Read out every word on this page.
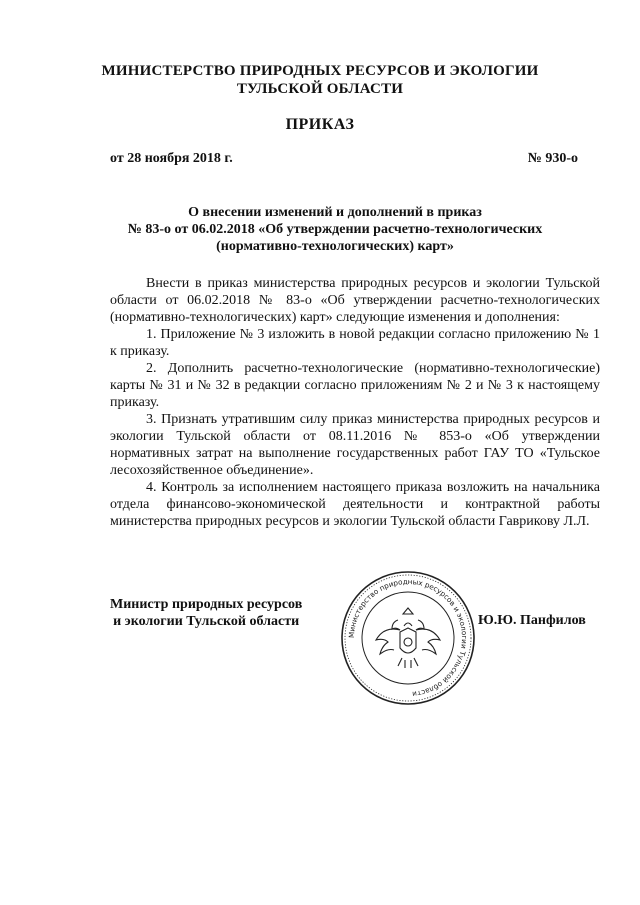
МИНИСТЕРСТВО ПРИРОДНЫХ РЕСУРСОВ И ЭКОЛОГИИ
ТУЛЬСКОЙ ОБЛАСТИ
ПРИКАЗ
от 28 ноября 2018 г.	№ 930-о
О внесении изменений и дополнений в приказ
№ 83-о от 06.02.2018 «Об утверждении расчетно-технологических
(нормативно-технологических) карт»

Внести в приказ министерства природных ресурсов и экологии Тульской области от 06.02.2018 № 83-о «Об утверждении расчетно-технологических (нормативно-технологических) карт» следующие изменения и дополнения:

1. Приложение № 3 изложить в новой редакции согласно приложению № 1 к приказу.

2. Дополнить расчетно-технологические (нормативно-технологические) карты № 31 и № 32 в редакции согласно приложениям № 2 и № 3 к настоящему приказу.

3. Признать утратившим силу приказ министерства природных ресурсов и экологии Тульской области от 08.11.2016 № 853-о «Об утверждении нормативных затрат на выполнение государственных работ ГАУ ТО «Тульское лесохозяйственное объединение».

4. Контроль за исполнением настоящего приказа возложить на начальника отдела финансово-экономической деятельности и контрактной работы министерства природных ресурсов и экологии Тульской области Гаврикову Л.Л.

Министр природных ресурсов
и экологии Тульской области
Министерство природных ресурсов и экологии Тульской области
Ю.Ю. Панфилов
